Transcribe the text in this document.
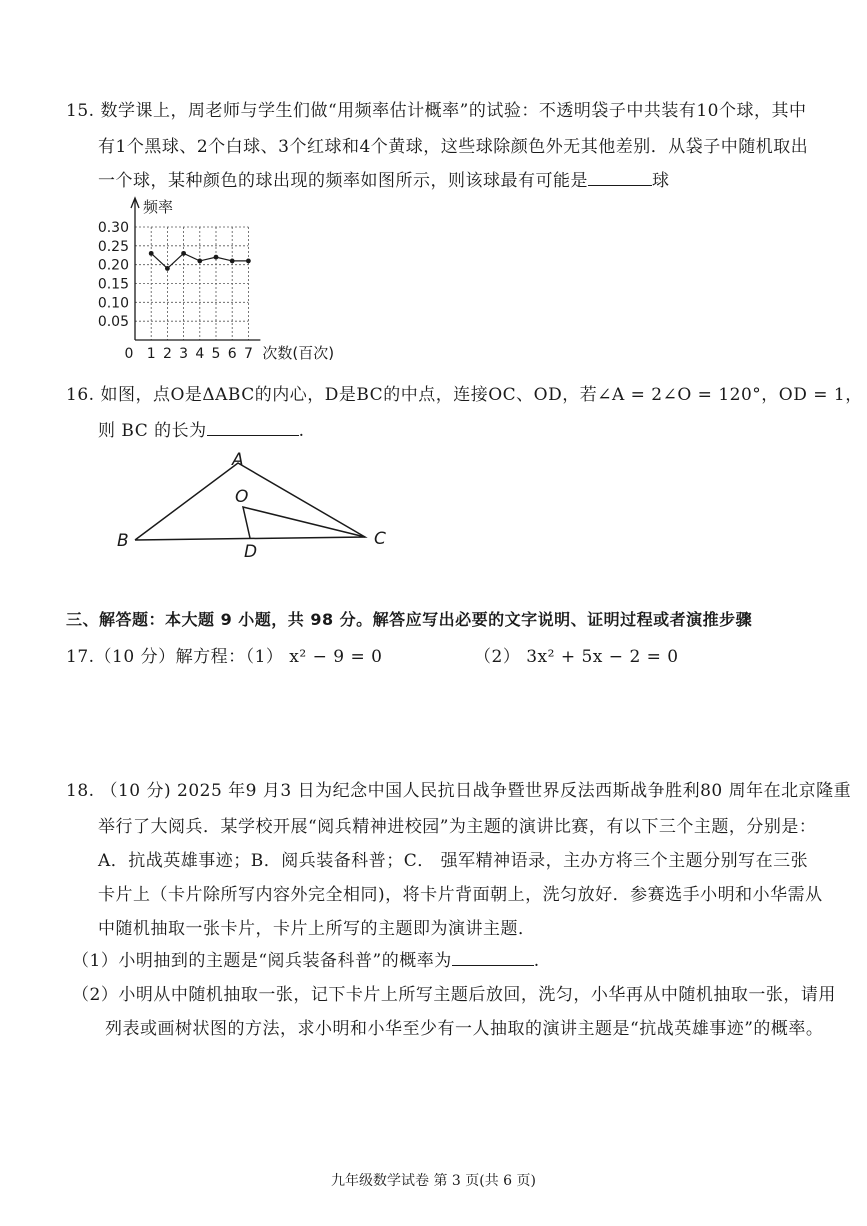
15. 数学课上，周老师与学生们做“用频率估计概率”的试验：不透明袋子中共装有10个球，其中
有1个黑球、2个白球、3个红球和4个黄球，这些球除颜色外无其他差别．从袋子中随机取出
一个球，某种颜色的球出现的频率如图所示，则该球最有可能是	球
0.05
0.10
0.15
0.20
0.25
0.30
0 1 2 3 4 5 6 7
频率
次数(百次)
16. 如图，点O是ΔABC的内心，D是BC的中点，连接OC、OD，若∠A = 2∠O = 120°，OD = 1，
则 BC 的长为	.
A
O
B	C
D
三、解答题：本大题 9 小题，共 98 分。解答应写出必要的文字说明、证明过程或者演推步骤
17.（10 分）解方程：（1） x² − 9 = 0	（2） 3x² + 5x − 2 = 0
18. （10 分) 2025 年9 月3 日为纪念中国人民抗日战争暨世界反法西斯战争胜利80 周年在北京隆重
举行了大阅兵．某学校开展“阅兵精神进校园”为主题的演讲比赛，有以下三个主题，分别是：
A．抗战英雄事迹；B．阅兵装备科普；C． 强军精神语录，主办方将三个主题分别写在三张
卡片上（卡片除所写内容外完全相同)，将卡片背面朝上，洗匀放好．参赛选手小明和小华需从
中随机抽取一张卡片，卡片上所写的主题即为演讲主题．
（1）小明抽到的主题是“阅兵装备科普”的概率为	.
（2）小明从中随机抽取一张，记下卡片上所写主题后放回，洗匀，小华再从中随机抽取一张，请用
列表或画树状图的方法，求小明和小华至少有一人抽取的演讲主题是“抗战英雄事迹”的概率。
九年级数学试卷 第 3 页(共 6 页)
